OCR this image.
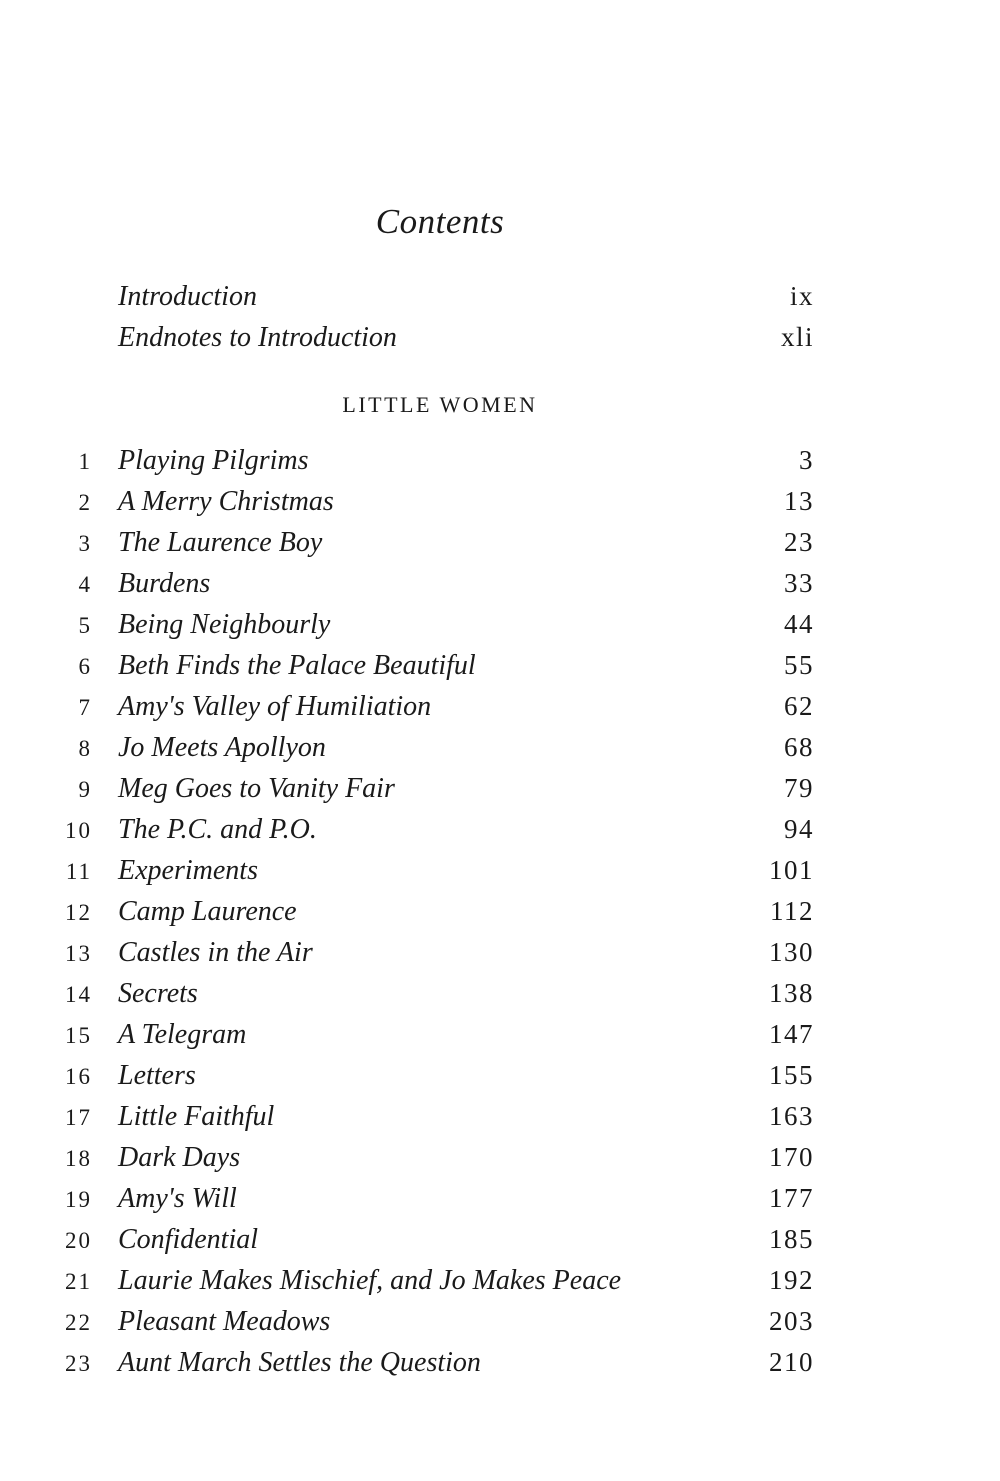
Contents
Introduction	ix
Endnotes to Introduction	xli
LITTLE WOMEN
1 Playing Pilgrims	3
2 A Merry Christmas	13
3 The Laurence Boy	23
4 Burdens	33
5 Being Neighbourly	44
6 Beth Finds the Palace Beautiful	55
7 Amy's Valley of Humiliation	62
8 Jo Meets Apollyon	68
9 Meg Goes to Vanity Fair	79
10 The P.C. and P.O.	94
11 Experiments	101
12 Camp Laurence	112
13 Castles in the Air	130
14 Secrets	138
15 A Telegram	147
16 Letters	155
17 Little Faithful	163
18 Dark Days	170
19 Amy's Will	177
20 Confidential	185
21 Laurie Makes Mischief, and Jo Makes Peace	192
22 Pleasant Meadows	203
23 Aunt March Settles the Question	210
